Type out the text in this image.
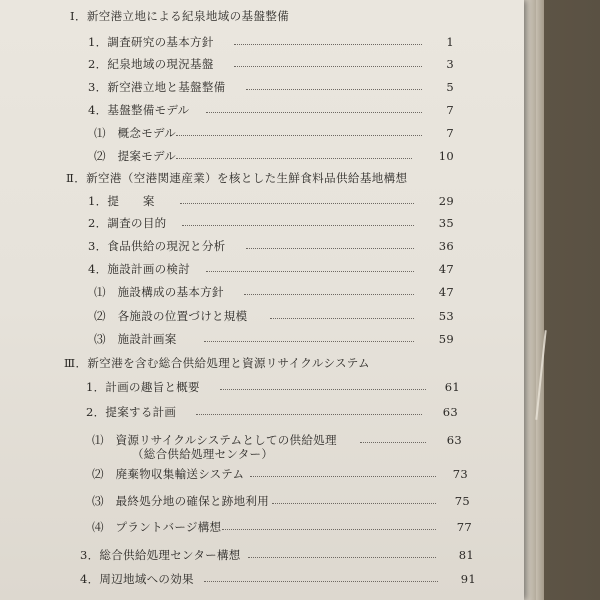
Ⅰ．新空港立地による紀泉地域の基盤整備
1．調査研究の基本方針	1
2．紀泉地域の現況基盤	3
3．新空港立地と基盤整備	5
4．基盤整備モデル	7
⑴　概念モデル	7
⑵　提案モデル	10
Ⅱ．新空港（空港関連産業）を核とした生鮮食料品供給基地構想
1．提　　案	29
2．調査の目的	35
3．食品供給の現況と分析	36
4．施設計画の検討	47
⑴　施設構成の基本方針	47
⑵　各施設の位置づけと規模	53
⑶　施設計画案	59
Ⅲ．新空港を含む総合供給処理と資源リサイクルシステム
1．計画の趣旨と概要	61
2．提案する計画	63
⑴　資源リサイクルシステムとしての供給処理	63
（総合供給処理センター）
⑵　廃棄物収集輸送システム	73
⑶　最終処分地の確保と跡地利用	75
⑷　プラントバージ構想	77
3．総合供給処理センター構想	81
4．周辺地域への効果	91
